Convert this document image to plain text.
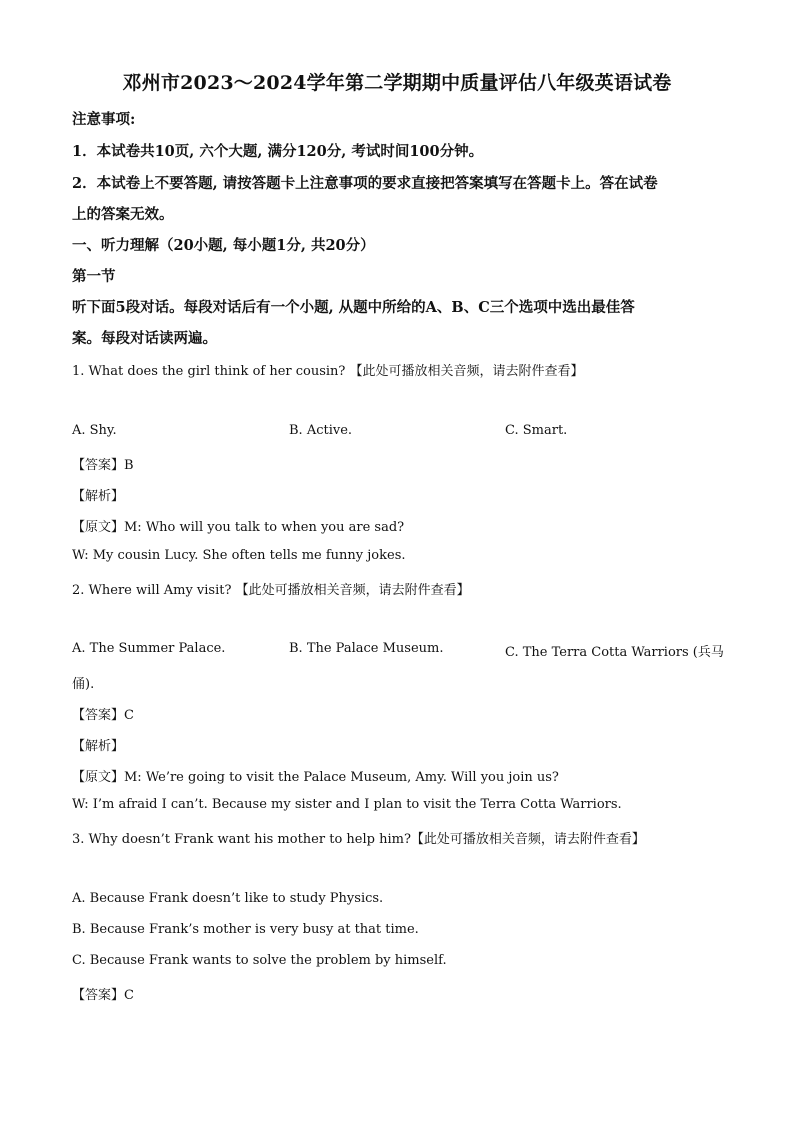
邓州市2023～2024学年第二学期期中质量评估八年级英语试卷
注意事项:
1．本试卷共10页, 六个大题, 满分120分, 考试时间100分钟。
2．本试卷上不要答题, 请按答题卡上注意事项的要求直接把答案填写在答题卡上。答在试卷
上的答案无效。
一、听力理解（20小题, 每小题1分, 共20分）
第一节
听下面5段对话。每段对话后有一个小题, 从题中所给的A、B、C三个选项中选出最佳答
案。每段对话读两遍。
1. What does the girl think of her cousin? 【此处可播放相关音频，请去附件查看】
A. Shy.	B. Active.	C. Smart.
【答案】B
【解析】
【原文】M: Who will you talk to when you are sad?
W: My cousin Lucy. She often tells me funny jokes.
2. Where will Amy visit? 【此处可播放相关音频，请去附件查看】
A. The Summer Palace.	B. The Palace Museum.	C. The Terra Cotta Warriors (兵马
俑).
【答案】C
【解析】
【原文】M: We’re going to visit the Palace Museum, Amy. Will you join us?
W: I’m afraid I can’t. Because my sister and I plan to visit the Terra Cotta Warriors.
3. Why doesn’t Frank want his mother to help him?【此处可播放相关音频，请去附件查看】
A. Because Frank doesn’t like to study Physics.
B. Because Frank’s mother is very busy at that time.
C. Because Frank wants to solve the problem by himself.
【答案】C
